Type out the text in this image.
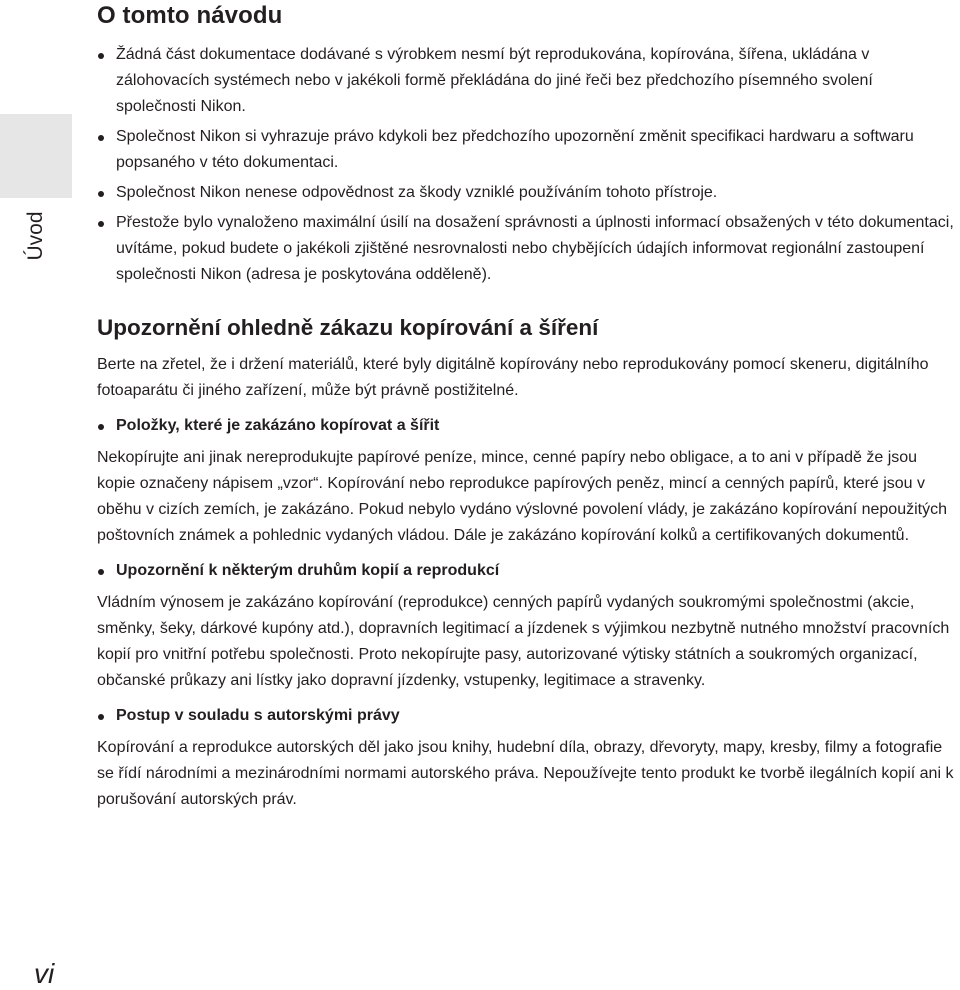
Úvod
vi
O tomto návodu
Žádná část dokumentace dodávané s výrobkem nesmí být reprodukována, kopírována, šířena, ukládána v zálohovacích systémech nebo v jakékoli formě překládána do jiné řeči bez předchozího písemného svolení společnosti Nikon.
Společnost Nikon si vyhrazuje právo kdykoli bez předchozího upozornění změnit specifikaci hardwaru a softwaru popsaného v této dokumentaci.
Společnost Nikon nenese odpovědnost za škody vzniklé používáním tohoto přístroje.
Přestože bylo vynaloženo maximální úsilí na dosažení správnosti a úplnosti informací obsažených v této dokumentaci, uvítáme, pokud budete o jakékoli zjištěné nesrovnalosti nebo chybějících údajích informovat regionální zastoupení společnosti Nikon (adresa je poskytována odděleně).
Upozornění ohledně zákazu kopírování a šíření

Berte na zřetel, že i držení materiálů, které byly digitálně kopírovány nebo reprodukovány pomocí skeneru, digitálního fotoaparátu či jiného zařízení, může být právně postižitelné.

Položky, které je zakázáno kopírovat a šířit

Nekopírujte ani jinak nereprodukujte papírové peníze, mince, cenné papíry nebo obligace, a to ani v případě že jsou kopie označeny nápisem „vzor“. Kopírování nebo reprodukce papírových peněz, mincí a cenných papírů, které jsou v oběhu v cizích zemích, je zakázáno. Pokud nebylo vydáno výslovné povolení vlády, je zakázáno kopírování nepoužitých poštovních známek a pohlednic vydaných vládou. Dále je zakázáno kopírování kolků a certifikovaných dokumentů.

Upozornění k některým druhům kopií a reprodukcí

Vládním výnosem je zakázáno kopírování (reprodukce) cenných papírů vydaných soukromými společnostmi (akcie, směnky, šeky, dárkové kupóny atd.), dopravních legitimací a jízdenek s výjimkou nezbytně nutného množství pracovních kopií pro vnitřní potřebu společnosti. Proto nekopírujte pasy, autorizované výtisky státních a soukromých organizací, občanské průkazy ani lístky jako dopravní jízdenky, vstupenky, legitimace a stravenky.

Postup v souladu s autorskými právy

Kopírování a reprodukce autorských děl jako jsou knihy, hudební díla, obrazy, dřevoryty, mapy, kresby, filmy a fotografie se řídí národními a mezinárodními normami autorského práva. Nepoužívejte tento produkt ke tvorbě ilegálních kopií ani k porušování autorských práv.
